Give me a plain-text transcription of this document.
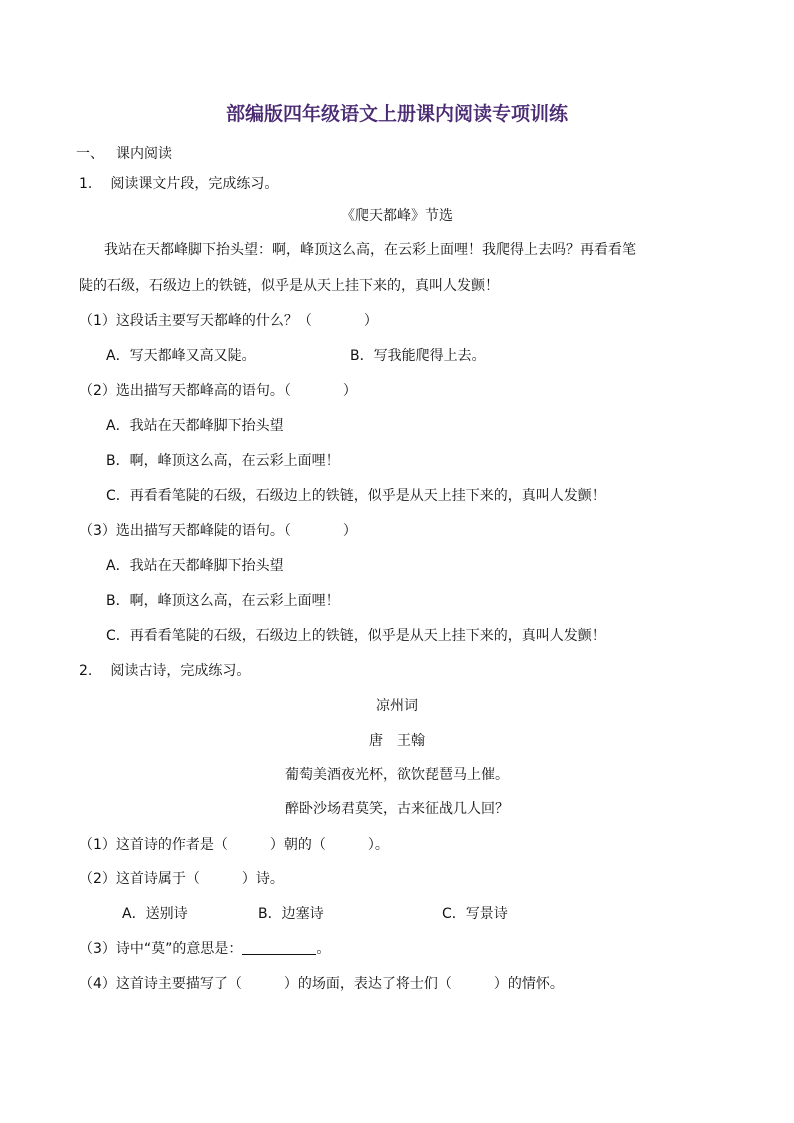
部编版四年级语文上册课内阅读专项训练
一、 课内阅读
1. 阅读课文片段，完成练习。
《爬天都峰》节选
我站在天都峰脚下抬头望：啊，峰顶这么高，在云彩上面哩！我爬得上去吗？再看看笔
陡的石级，石级边上的铁链，似乎是从天上挂下来的，真叫人发颤！
（1）这段话主要写天都峰的什么？（	）
A．写天都峰又高又陡。	B．写我能爬得上去。
（2）选出描写天都峰高的语句。（	）
A．我站在天都峰脚下抬头望
B．啊，峰顶这么高，在云彩上面哩！
C．再看看笔陡的石级，石级边上的铁链，似乎是从天上挂下来的，真叫人发颤！
（3）选出描写天都峰陡的语句。（	）
A．我站在天都峰脚下抬头望
B．啊，峰顶这么高，在云彩上面哩！
C．再看看笔陡的石级，石级边上的铁链，似乎是从天上挂下来的，真叫人发颤！
2. 阅读古诗，完成练习。
凉州词
唐 王翰
葡萄美酒夜光杯，欲饮琵琶马上催。
醉卧沙场君莫笑，古来征战几人回？
（1）这首诗的作者是（	）朝的（	）。
（2）这首诗属于（	）诗。
A．送别诗	B．边塞诗	C．写景诗
（3）诗中“莫”的意思是：	。
（4）这首诗主要描写了（	）的场面，表达了将士们（	）的情怀。
